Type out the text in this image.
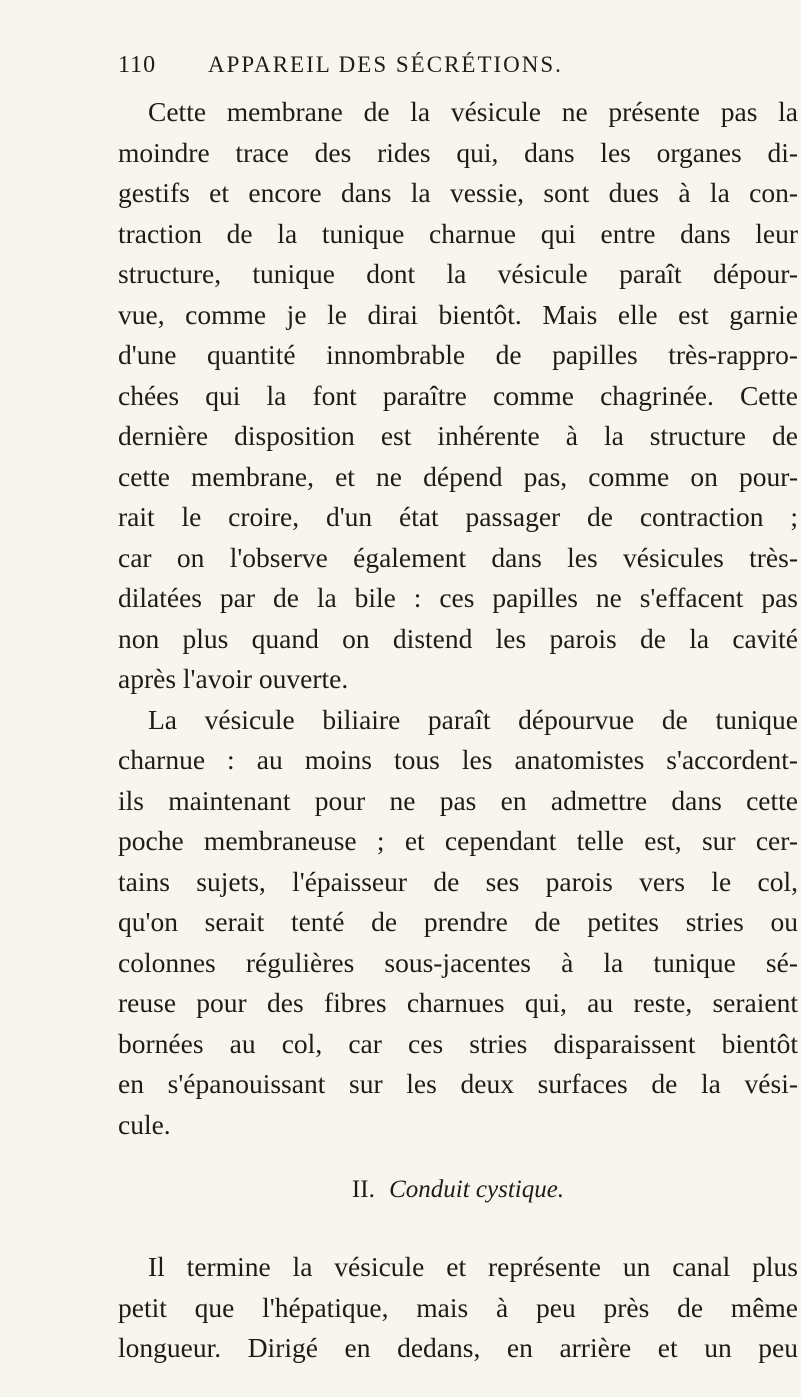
110 APPAREIL DES SÉCRÉTIONS.
Cette membrane de la vésicule ne présente pas la
moindre trace des rides qui, dans les organes di-
gestifs et encore dans la vessie, sont dues à la con-
traction de la tunique charnue qui entre dans leur
structure, tunique dont la vésicule paraît dépour-
vue, comme je le dirai bientôt. Mais elle est garnie
d'une quantité innombrable de papilles très-rappro-
chées qui la font paraître comme chagrinée. Cette
dernière disposition est inhérente à la structure de
cette membrane, et ne dépend pas, comme on pour-
rait le croire, d'un état passager de contraction ;
car on l'observe également dans les vésicules très-
dilatées par de la bile : ces papilles ne s'effacent pas
non plus quand on distend les parois de la cavité
après l'avoir ouverte.
La vésicule biliaire paraît dépourvue de tunique
charnue : au moins tous les anatomistes s'accordent-
ils maintenant pour ne pas en admettre dans cette
poche membraneuse ; et cependant telle est, sur cer-
tains sujets, l'épaisseur de ses parois vers le col,
qu'on serait tenté de prendre de petites stries ou
colonnes régulières sous-jacentes à la tunique sé-
reuse pour des fibres charnues qui, au reste, seraient
bornées au col, car ces stries disparaissent bientôt
en s'épanouissant sur les deux surfaces de la vési-
cule.
II. Conduit cystique.
Il termine la vésicule et représente un canal plus
petit que l'hépatique, mais à peu près de même
longueur. Dirigé en dedans, en arrière et un peu
